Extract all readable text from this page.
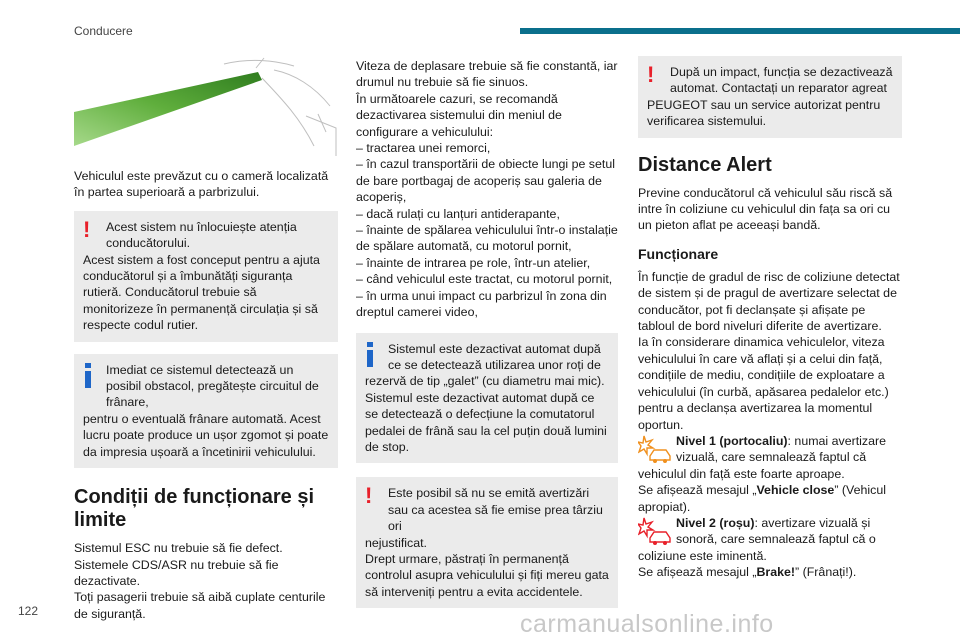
Conducere

Vehiculul este prevăzut cu o cameră localizată în partea superioară a parbrizului.

!	Acest sistem nu înlocuiește atenția conducătorului.

Acest sistem a fost conceput pentru a ajuta conducătorul și a îmbunătăți siguranța rutieră. Conducătorul trebuie să monitorizeze în permanență circulația și să respecte codul rutier.

Imediat ce sistemul detectează un posibil obstacol, pregătește circuitul de frânare,

pentru o eventuală frânare automată. Acest lucru poate produce un ușor zgomot și poate da impresia ușoară a încetinirii vehiculului.

Condiții de funcționare și limite

Sistemul ESC nu trebuie să fie defect.
Sistemele CDS/ASR nu trebuie să fie dezactivate.
Toți pasagerii trebuie să aibă cuplate centurile de siguranță.

Viteza de deplasare trebuie să fie constantă, iar drumul nu trebuie să fie sinuos.
În următoarele cazuri, se recomandă dezactivarea sistemului din meniul de configurare a vehiculului:
– tractarea unei remorci,
– în cazul transportării de obiecte lungi pe setul de bare portbagaj de acoperiș sau galeria de acoperiș,
– dacă rulați cu lanțuri antiderapante,
– înainte de spălarea vehiculului într-o instalație de spălare automată, cu motorul pornit,
– înainte de intrarea pe role, într-un atelier,
– când vehiculul este tractat, cu motorul pornit,
– în urma unui impact cu parbrizul în zona din dreptul camerei video,

Sistemul este dezactivat automat după ce se detectează utilizarea unor roți de

rezervă de tip „galet” (cu diametru mai mic).
Sistemul este dezactivat automat după ce se detectează o defecțiune la comutatorul pedalei de frână sau la cel puțin două lumini de stop.

!	Este posibil să nu se emită avertizări sau ca acestea să fie emise prea târziu ori

nejustificat.
Drept urmare, păstrați în permanență controlul asupra vehiculului și fiți mereu gata să interveniți pentru a evita accidentele.

!	După un impact, funcția se dezactivează automat. Contactați un reparator agreat

PEUGEOT sau un service autorizat pentru verificarea sistemului.

Distance Alert

Previne conducătorul că vehiculul său riscă să intre în coliziune cu vehiculul din fața sa ori cu un pieton aflat pe aceeași bandă.

Funcționare

În funcție de gradul de risc de coliziune detectat de sistem și de pragul de avertizare selectat de conducător, pot fi declanșate și afișate pe tabloul de bord niveluri diferite de avertizare.
Ia în considerare dinamica vehiculelor, viteza vehiculului în care vă aflați și a celui din față, condițiile de mediu, condițiile de exploatare a vehiculului (în curbă, apăsarea pedalelor etc.) pentru a declanșa avertizarea la momentul oportun.

Nivel 1 (portocaliu): numai avertizare vizuală, care semnalează faptul că

vehiculul din față este foarte aproape.

Se afișează mesajul „Vehicle close” (Vehicul apropiat).

Nivel 2 (roșu): avertizare vizuală și sonoră, care semnalează faptul că o

coliziune este iminentă.

Se afișează mesajul „Brake!” (Frânați!).

122	carmanualsonline.info
